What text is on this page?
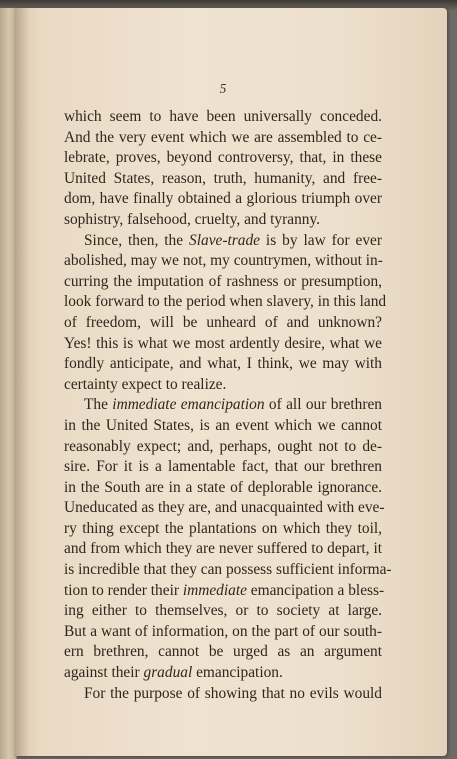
5
which seem to have been universally conceded.
And the very event which we are assembled to ce-
lebrate, proves, beyond controversy, that, in these
United States, reason, truth, humanity, and free-
dom, have finally obtained a glorious triumph over
sophistry, falsehood, cruelty, and tyranny.
Since, then, the Slave-trade is by law for ever
abolished, may we not, my countrymen, without in-
curring the imputation of rashness or presumption,
look forward to the period when slavery, in this land
of freedom, will be unheard of and unknown?
Yes! this is what we most ardently desire, what we
fondly anticipate, and what, I think, we may with
certainty expect to realize.
The immediate emancipation of all our brethren
in the United States, is an event which we cannot
reasonably expect; and, perhaps, ought not to de-
sire. For it is a lamentable fact, that our brethren
in the South are in a state of deplorable ignorance.
Uneducated as they are, and unacquainted with eve-
ry thing except the plantations on which they toil,
and from which they are never suffered to depart, it
is incredible that they can possess sufficient informa-
tion to render their immediate emancipation a bless-
ing either to themselves, or to society at large.
But a want of information, on the part of our south-
ern brethren, cannot be urged as an argument
against their gradual emancipation.
For the purpose of showing that no evils would
